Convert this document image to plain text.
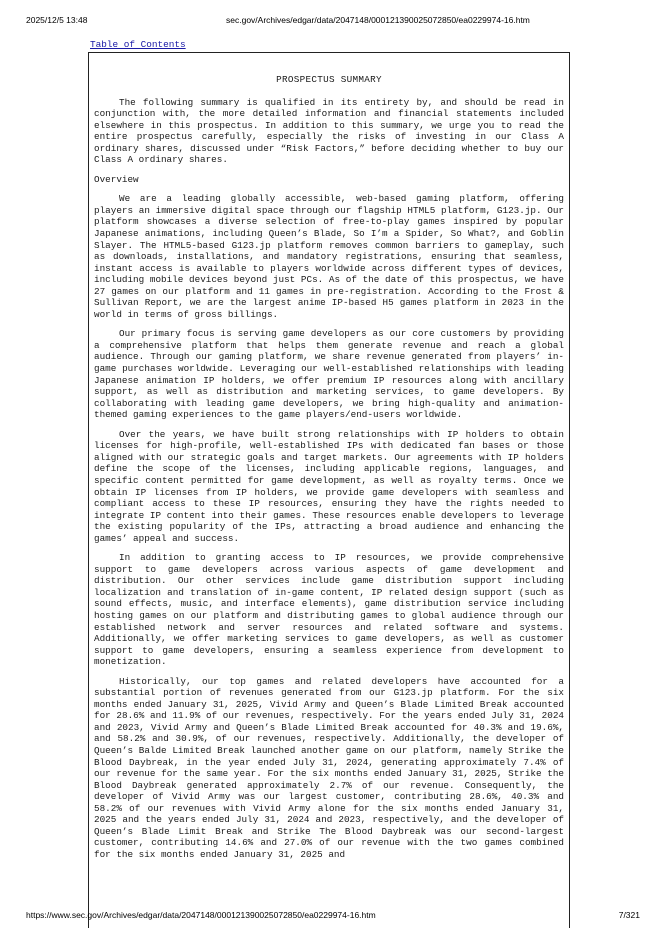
2025/12/5 13:48	sec.gov/Archives/edgar/data/2047148/000121390025072850/ea0229974-16.htm
Table of Contents
PROSPECTUS SUMMARY

The following summary is qualified in its entirety by, and should be read in conjunction with, the more detailed information and financial statements included elsewhere in this prospectus. In addition to this summary, we urge you to read the entire prospectus carefully, especially the risks of investing in our Class A ordinary shares, discussed under “Risk Factors,” before deciding whether to buy our Class A ordinary shares.

Overview

We are a leading globally accessible, web-based gaming platform, offering players an immersive digital space through our flagship HTML5 platform, G123.jp. Our platform showcases a diverse selection of free-to-play games inspired by popular Japanese animations, including Queen’s Blade, So I’m a Spider, So What?, and Goblin Slayer. The HTML5-based G123.jp platform removes common barriers to gameplay, such as downloads, installations, and mandatory registrations, ensuring that seamless, instant access is available to players worldwide across different types of devices, including mobile devices beyond just PCs. As of the date of this prospectus, we have 27 games on our platform and 11 games in pre-registration. According to the Frost & Sullivan Report, we are the largest anime IP-based H5 games platform in 2023 in the world in terms of gross billings.

Our primary focus is serving game developers as our core customers by providing a comprehensive platform that helps them generate revenue and reach a global audience. Through our gaming platform, we share revenue generated from players’ in-game purchases worldwide. Leveraging our well-established relationships with leading Japanese animation IP holders, we offer premium IP resources along with ancillary support, as well as distribution and marketing services, to game developers. By collaborating with leading game developers, we bring high-quality and animation-themed gaming experiences to the game players/end-users worldwide.

Over the years, we have built strong relationships with IP holders to obtain licenses for high-profile, well-established IPs with dedicated fan bases or those aligned with our strategic goals and target markets. Our agreements with IP holders define the scope of the licenses, including applicable regions, languages, and specific content permitted for game development, as well as royalty terms. Once we obtain IP licenses from IP holders, we provide game developers with seamless and compliant access to these IP resources, ensuring they have the rights needed to integrate IP content into their games. These resources enable developers to leverage the existing popularity of the IPs, attracting a broad audience and enhancing the games’ appeal and success.

In addition to granting access to IP resources, we provide comprehensive support to game developers across various aspects of game development and distribution. Our other services include game distribution support including localization and translation of in-game content, IP related design support (such as sound effects, music, and interface elements), game distribution service including hosting games on our platform and distributing games to global audience through our established network and server resources and related software and systems. Additionally, we offer marketing services to game developers, as well as customer support to game developers, ensuring a seamless experience from development to monetization.

Historically, our top games and related developers have accounted for a substantial portion of revenues generated from our G123.jp platform. For the six months ended January 31, 2025, Vivid Army and Queen’s Blade Limited Break accounted for 28.6% and 11.9% of our revenues, respectively. For the years ended July 31, 2024 and 2023, Vivid Army and Queen’s Blade Limited Break accounted for 40.3% and 19.6%, and 58.2% and 30.9%, of our revenues, respectively. Additionally, the developer of Queen’s Balde Limited Break launched another game on our platform, namely Strike the Blood Daybreak, in the year ended July 31, 2024, generating approximately 7.4% of our revenue for the same year. For the six months ended January 31, 2025, Strike the Blood Daybreak generated approximately 2.7% of our revenue. Consequently, the developer of Vivid Army was our largest customer, contributing 28.6%, 40.3% and 58.2% of our revenues with Vivid Army alone for the six months ended January 31, 2025 and the years ended July 31, 2024 and 2023, respectively, and the developer of Queen’s Blade Limit Break and Strike The Blood Daybreak was our second-largest customer, contributing 14.6% and 27.0% of our revenue with the two games combined for the six months ended January 31, 2025 and

https://www.sec.gov/Archives/edgar/data/2047148/000121390025072850/ea0229974-16.htm	7/321
